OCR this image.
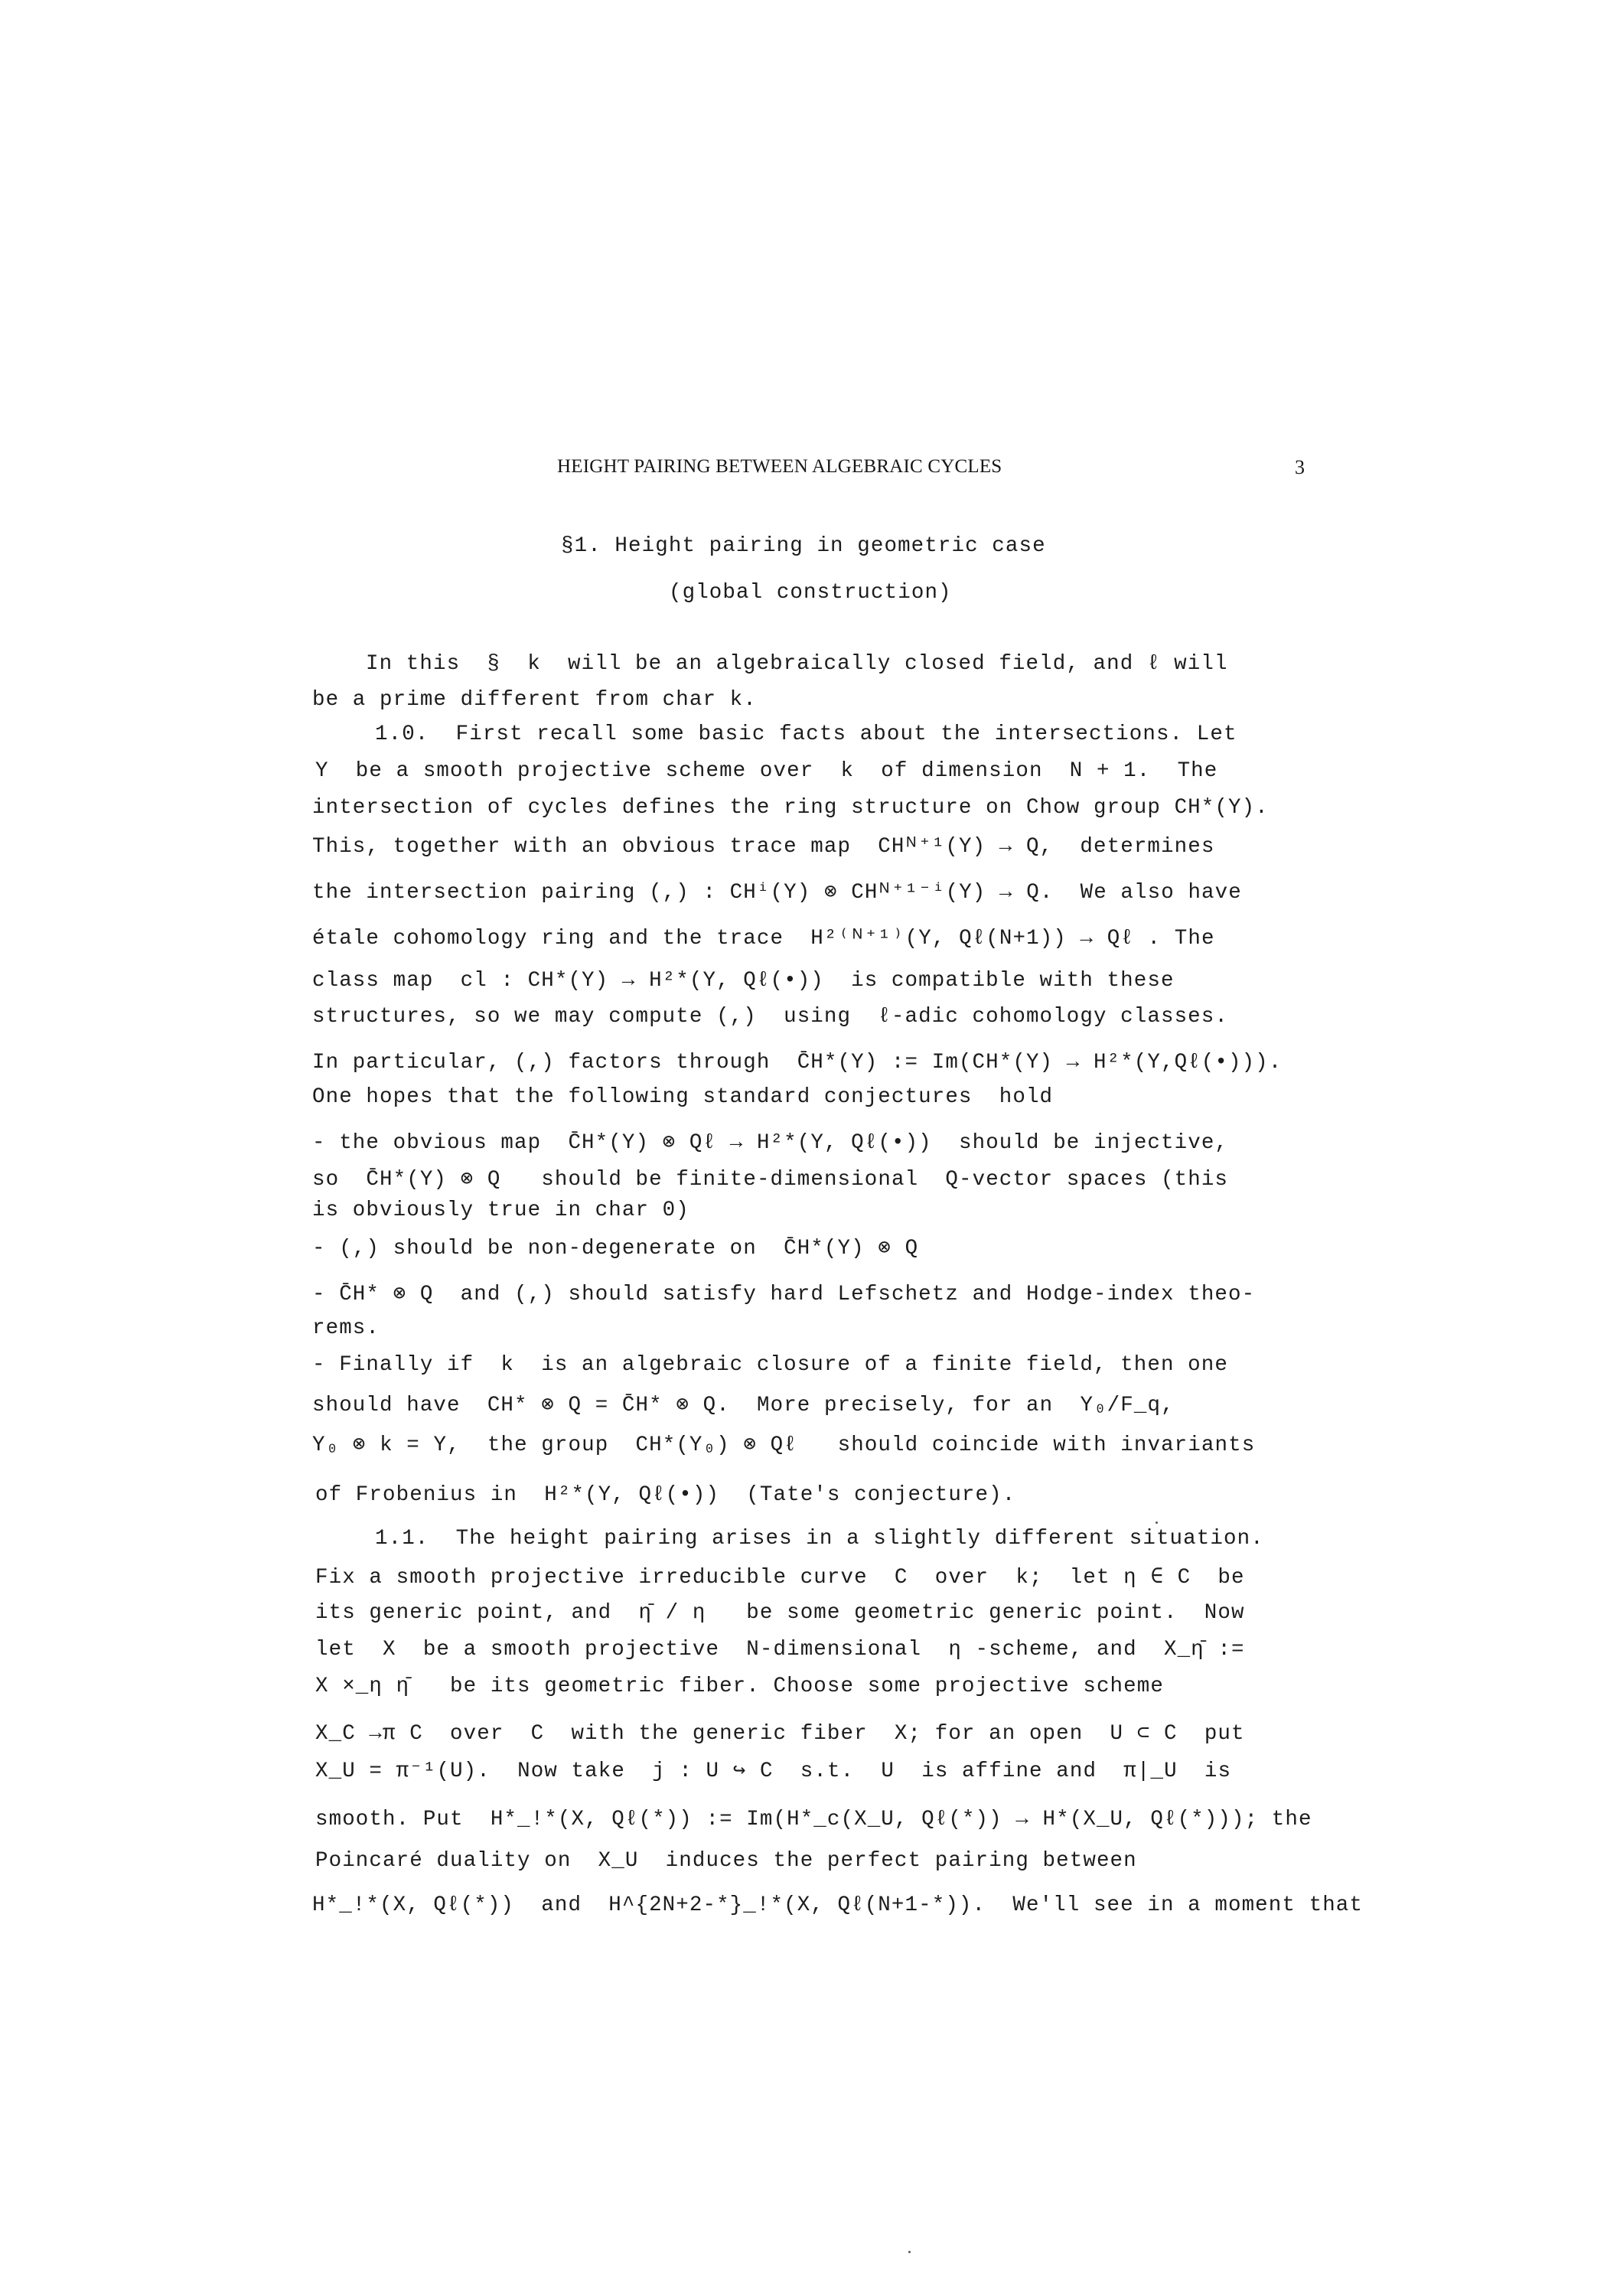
HEIGHT PAIRING BETWEEN ALGEBRAIC CYCLES	3
§1. Height pairing in geometric case
(global construction)
In this  §  k  will be an algebraically closed field, and ℓ will
be a prime different from char k.
1.0.  First recall some basic facts about the intersections. Let
Y  be a smooth projective scheme over  k  of dimension  N + 1.  The
intersection of cycles defines the ring structure on Chow group CH*(Y).
This, together with an obvious trace map  CHᴺ⁺¹(Y) → Q,  determines
the intersection pairing (,) : CHⁱ(Y) ⊗ CHᴺ⁺¹⁻ⁱ(Y) → Q.  We also have
étale cohomology ring and the trace  H²⁽ᴺ⁺¹⁾(Y, Qℓ(N+1)) → Qℓ . The
class map  cl : CH*(Y) → H²*(Y, Qℓ(•))  is compatible with these
structures, so we may compute (,)  using  ℓ-adic cohomology classes.
In particular, (,) factors through  C̄H*(Y) := Im(CH*(Y) → H²*(Y,Qℓ(•))).
One hopes that the following standard conjectures  hold
- the obvious map  C̄H*(Y) ⊗ Qℓ → H²*(Y, Qℓ(•))  should be injective,
so  C̄H*(Y) ⊗ Q   should be finite-dimensional  Q-vector spaces (this
is obviously true in char 0)
- (,) should be non-degenerate on  C̄H*(Y) ⊗ Q
- C̄H* ⊗ Q  and (,) should satisfy hard Lefschetz and Hodge-index theo-
rems.
- Finally if  k  is an algebraic closure of a finite field, then one
should have  CH* ⊗ Q = C̄H* ⊗ Q.  More precisely, for an  Y₀/F_q,
Y₀ ⊗ k = Y,  the group  CH*(Y₀) ⊗ Qℓ   should coincide with invariants
of Frobenius in  H²*(Y, Qℓ(•))  (Tate's conjecture).
1.1.  The height pairing arises in a slightly different situation.
Fix a smooth projective irreducible curve  C  over  k;  let η ∈ C  be
its generic point, and  η̄ / η   be some geometric generic point.  Now
let  X  be a smooth projective  N-dimensional  η -scheme, and  X_η̄ :=
X ×_η η̄   be its geometric fiber. Choose some projective scheme
X_C →π C  over  C  with the generic fiber  X; for an open  U ⊂ C  put
X_U = π⁻¹(U).  Now take  j : U ↪ C  s.t.  U  is affine and  π|_U  is
smooth. Put  H*_!*(X, Qℓ(*)) := Im(H*_c(X_U, Qℓ(*)) → H*(X_U, Qℓ(*))); the
Poincaré duality on  X_U  induces the perfect pairing between
H*_!*(X, Qℓ(*))  and  H^{2N+2-*}_!*(X, Qℓ(N+1-*)).  We'll see in a moment that
